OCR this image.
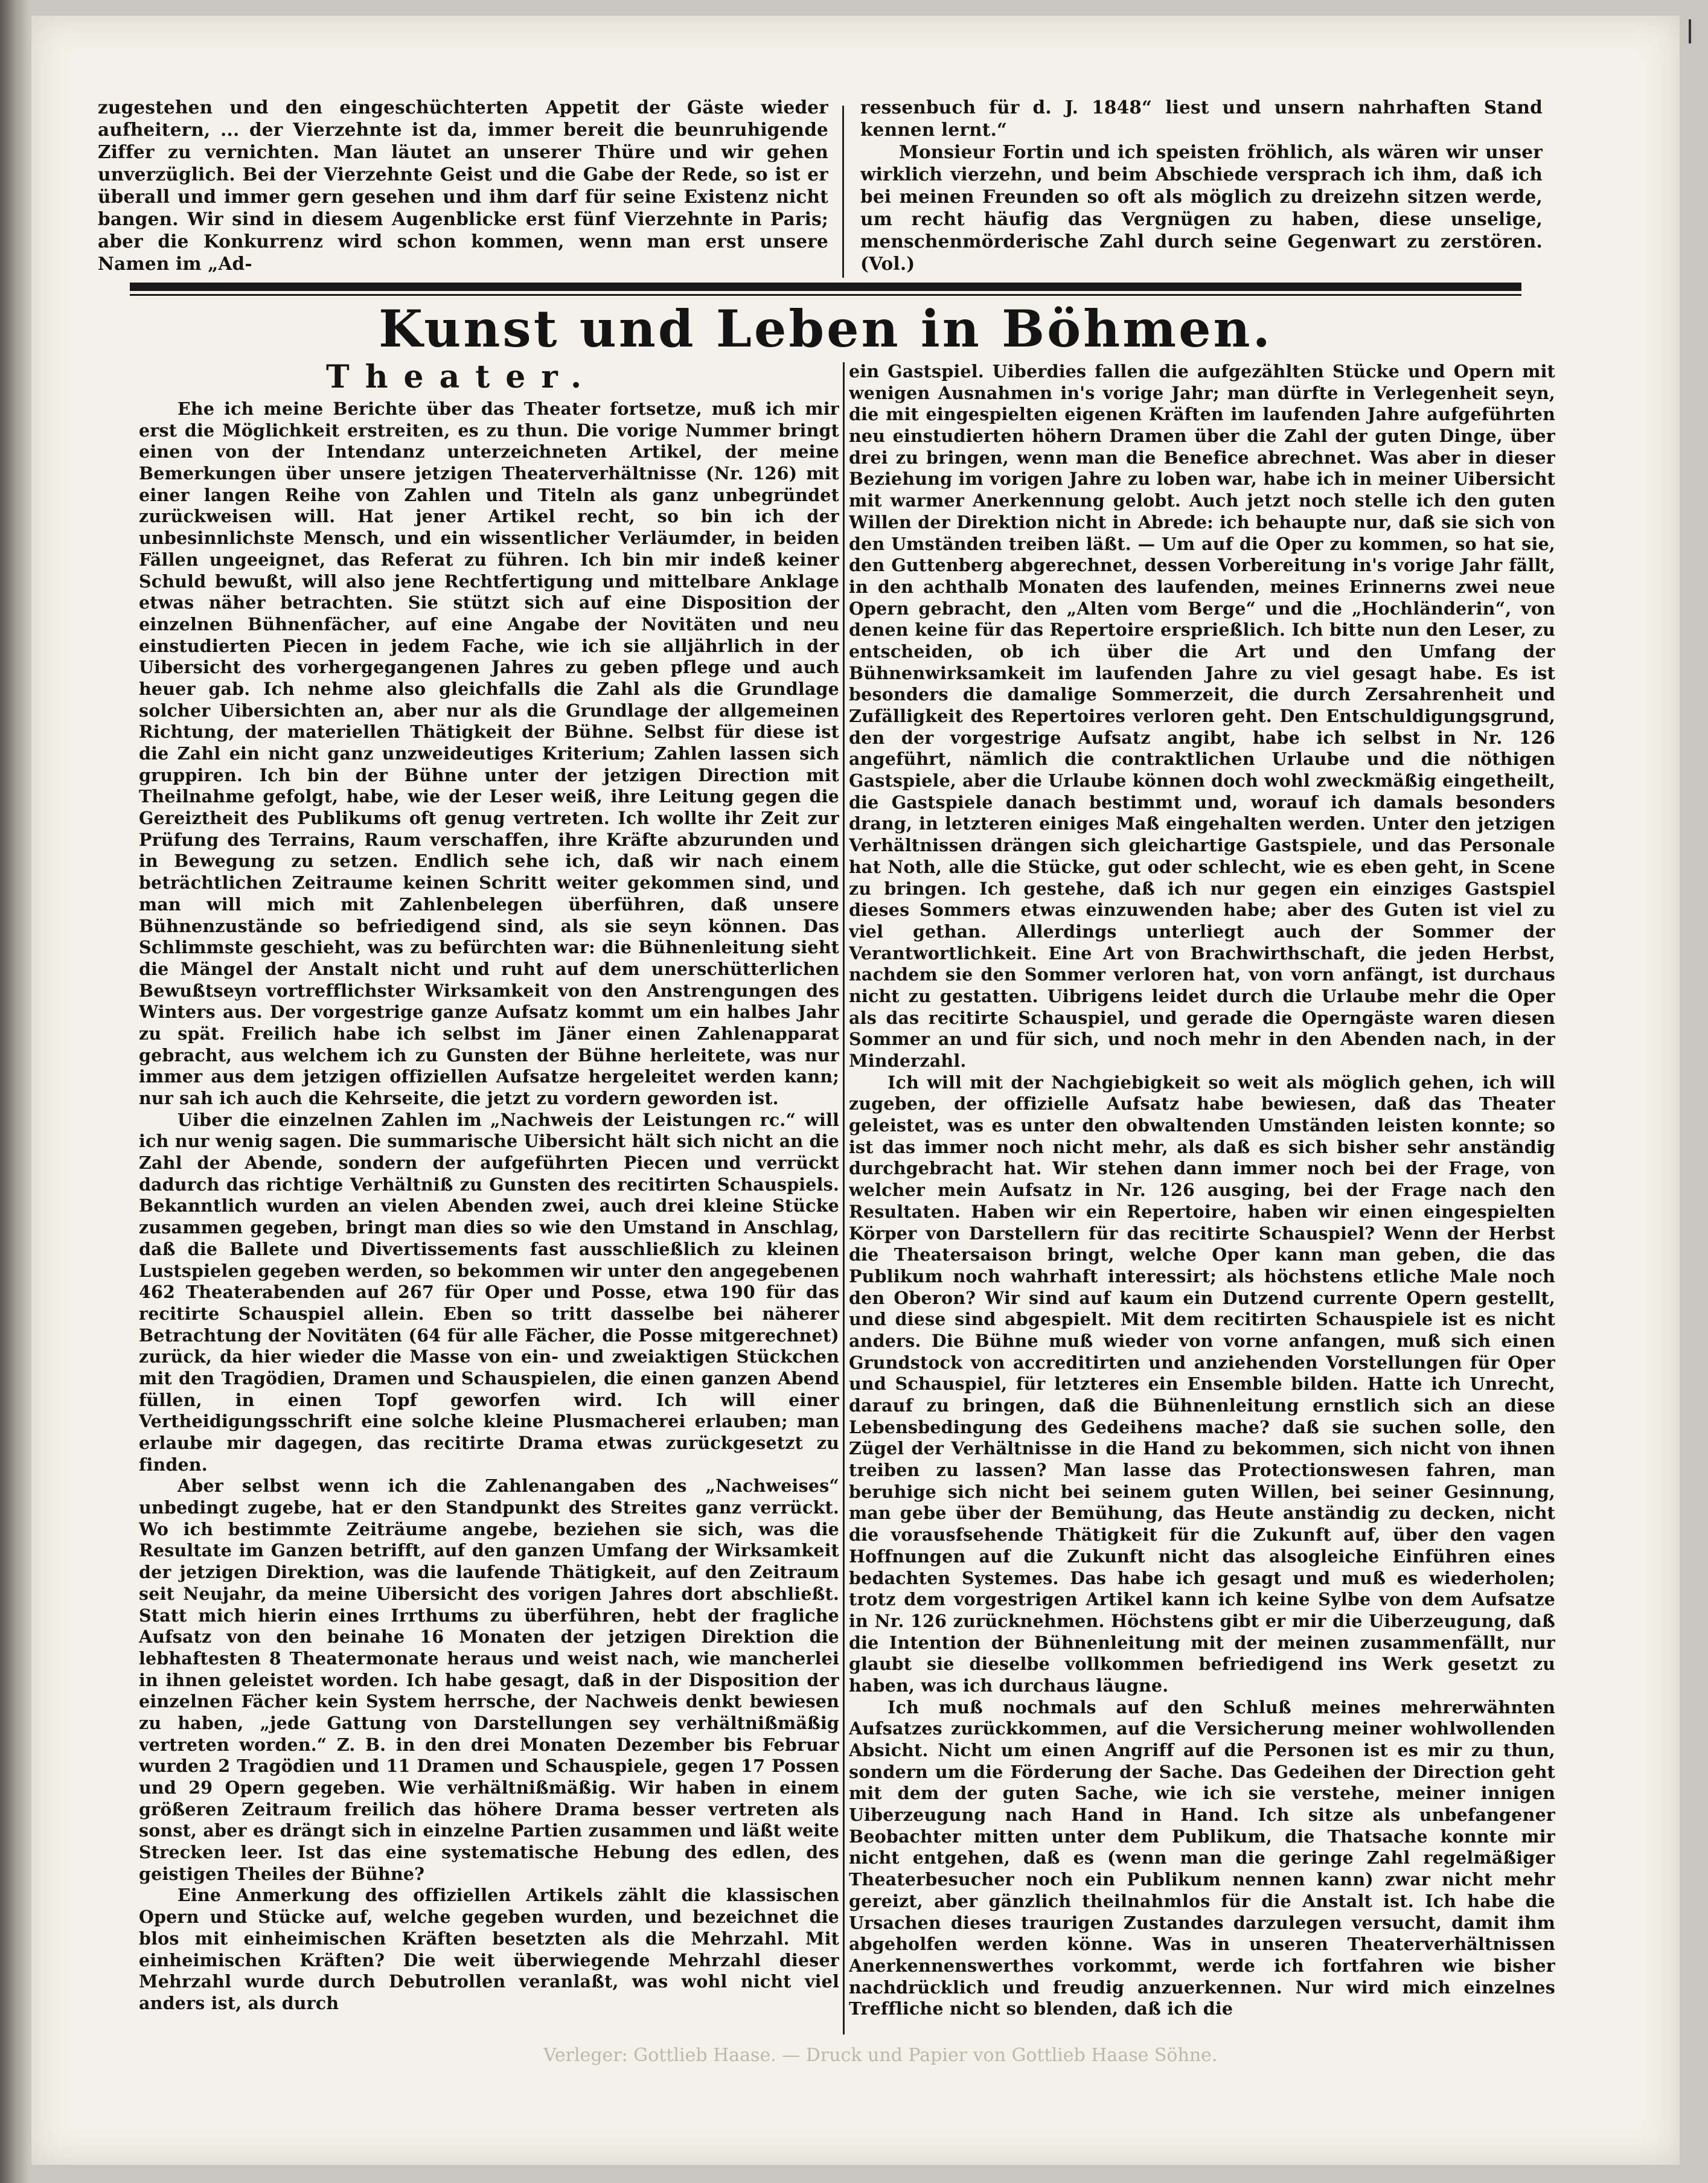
zugestehen und den eingeschüchterten Appetit der Gäste wieder aufheitern, ... der Vierzehnte ist da, immer bereit die beunruhigende Ziffer zu vernichten. Man läutet an unserer Thüre und wir gehen unverzüglich. Bei der Vierzehnte Geist und die Gabe der Rede, so ist er überall und immer gern gesehen und ihm darf für seine Existenz nicht bangen. Wir sind in diesem Augenblicke erst fünf Vierzehnte in Paris; aber die Konkurrenz wird schon kommen, wenn man erst unsere Namen im „Ad-

ressenbuch für d. J. 1848“ liest und unsern nahrhaften Stand kennen lernt.“

Monsieur Fortin und ich speisten fröhlich, als wären wir unser wirklich vierzehn, und beim Abschiede versprach ich ihm, daß ich bei meinen Freunden so oft als möglich zu dreizehn sitzen werde, um recht häufig das Vergnügen zu haben, diese unselige, menschenmörderische Zahl durch seine Gegenwart zu zerstören. (Vol.)

Kunst und Leben in Böhmen.
Theater.

Ehe ich meine Berichte über das Theater fortsetze, muß ich mir erst die Möglichkeit erstreiten, es zu thun. Die vorige Nummer bringt einen von der Intendanz unterzeichneten Artikel, der meine Bemerkungen über unsere jetzigen Theaterverhältnisse (Nr. 126) mit einer langen Reihe von Zahlen und Titeln als ganz unbegründet zurückweisen will. Hat jener Artikel recht, so bin ich der unbesinnlichste Mensch, und ein wissentlicher Verläumder, in beiden Fällen ungeeignet, das Referat zu führen. Ich bin mir indeß keiner Schuld bewußt, will also jene Rechtfertigung und mittelbare Anklage etwas näher betrachten. Sie stützt sich auf eine Disposition der einzelnen Bühnenfächer, auf eine Angabe der Novitäten und neu einstudierten Piecen in jedem Fache, wie ich sie alljährlich in der Uibersicht des vorhergegangenen Jahres zu geben pflege und auch heuer gab. Ich nehme also gleichfalls die Zahl als die Grundlage solcher Uibersichten an, aber nur als die Grundlage der allgemeinen Richtung, der materiellen Thätigkeit der Bühne. Selbst für diese ist die Zahl ein nicht ganz unzweideutiges Kriterium; Zahlen lassen sich gruppiren. Ich bin der Bühne unter der jetzigen Direction mit Theilnahme gefolgt, habe, wie der Leser weiß, ihre Leitung gegen die Gereiztheit des Publikums oft genug vertreten. Ich wollte ihr Zeit zur Prüfung des Terrains, Raum verschaffen, ihre Kräfte abzurunden und in Bewegung zu setzen. Endlich sehe ich, daß wir nach einem beträchtlichen Zeitraume keinen Schritt weiter gekommen sind, und man will mich mit Zahlenbelegen überführen, daß unsere Bühnenzustände so befriedigend sind, als sie seyn können. Das Schlimmste geschieht, was zu befürchten war: die Bühnenleitung sieht die Mängel der Anstalt nicht und ruht auf dem unerschütterlichen Bewußtseyn vortrefflichster Wirksamkeit von den Anstrengungen des Winters aus. Der vorgestrige ganze Aufsatz kommt um ein halbes Jahr zu spät. Freilich habe ich selbst im Jäner einen Zahlenapparat gebracht, aus welchem ich zu Gunsten der Bühne herleitete, was nur immer aus dem jetzigen offiziellen Aufsatze hergeleitet werden kann; nur sah ich auch die Kehrseite, die jetzt zu vordern geworden ist.

Uiber die einzelnen Zahlen im „Nachweis der Leistungen rc.“ will ich nur wenig sagen. Die summarische Uibersicht hält sich nicht an die Zahl der Abende, sondern der aufgeführten Piecen und verrückt dadurch das richtige Verhältniß zu Gunsten des recitirten Schauspiels. Bekanntlich wurden an vielen Abenden zwei, auch drei kleine Stücke zusammen gegeben, bringt man dies so wie den Umstand in Anschlag, daß die Ballete und Divertissements fast ausschließlich zu kleinen Lustspielen gegeben werden, so bekommen wir unter den angegebenen 462 Theaterabenden auf 267 für Oper und Posse, etwa 190 für das recitirte Schauspiel allein. Eben so tritt dasselbe bei näherer Betrachtung der Novitäten (64 für alle Fächer, die Posse mitgerechnet) zurück, da hier wieder die Masse von ein- und zweiaktigen Stückchen mit den Tragödien, Dramen und Schauspielen, die einen ganzen Abend füllen, in einen Topf geworfen wird. Ich will einer Vertheidigungsschrift eine solche kleine Plusmacherei erlauben; man erlaube mir dagegen, das recitirte Drama etwas zurückgesetzt zu finden.

Aber selbst wenn ich die Zahlenangaben des „Nachweises“ unbedingt zugebe, hat er den Standpunkt des Streites ganz verrückt. Wo ich bestimmte Zeiträume angebe, beziehen sie sich, was die Resultate im Ganzen betrifft, auf den ganzen Umfang der Wirksamkeit der jetzigen Direktion, was die laufende Thätigkeit, auf den Zeitraum seit Neujahr, da meine Uibersicht des vorigen Jahres dort abschließt. Statt mich hierin eines Irrthums zu überführen, hebt der fragliche Aufsatz von den beinahe 16 Monaten der jetzigen Direktion die lebhaftesten 8 Theatermonate heraus und weist nach, wie mancherlei in ihnen geleistet worden. Ich habe gesagt, daß in der Disposition der einzelnen Fächer kein System herrsche, der Nachweis denkt bewiesen zu haben, „jede Gattung von Darstellungen sey verhältnißmäßig vertreten worden.“ Z. B. in den drei Monaten Dezember bis Februar wurden 2 Tragödien und 11 Dramen und Schauspiele, gegen 17 Possen und 29 Opern gegeben. Wie verhältnißmäßig. Wir haben in einem größeren Zeitraum freilich das höhere Drama besser vertreten als sonst, aber es drängt sich in einzelne Partien zusammen und läßt weite Strecken leer. Ist das eine systematische Hebung des edlen, des geistigen Theiles der Bühne?

Eine Anmerkung des offiziellen Artikels zählt die klassischen Opern und Stücke auf, welche gegeben wurden, und bezeichnet die blos mit einheimischen Kräften besetzten als die Mehrzahl. Mit einheimischen Kräften? Die weit überwiegende Mehrzahl dieser Mehrzahl wurde durch Debutrollen veranlaßt, was wohl nicht viel anders ist, als durch

ein Gastspiel. Uiberdies fallen die aufgezählten Stücke und Opern mit wenigen Ausnahmen in's vorige Jahr; man dürfte in Verlegenheit seyn, die mit eingespielten eigenen Kräften im laufenden Jahre aufgeführten neu einstudierten höhern Dramen über die Zahl der guten Dinge, über drei zu bringen, wenn man die Benefice abrechnet. Was aber in dieser Beziehung im vorigen Jahre zu loben war, habe ich in meiner Uibersicht mit warmer Anerkennung gelobt. Auch jetzt noch stelle ich den guten Willen der Direktion nicht in Abrede: ich behaupte nur, daß sie sich von den Umständen treiben läßt. — Um auf die Oper zu kommen, so hat sie, den Guttenberg abgerechnet, dessen Vorbereitung in's vorige Jahr fällt, in den achthalb Monaten des laufenden, meines Erinnerns zwei neue Opern gebracht, den „Alten vom Berge“ und die „Hochländerin“, von denen keine für das Repertoire ersprießlich. Ich bitte nun den Leser, zu entscheiden, ob ich über die Art und den Umfang der Bühnenwirksamkeit im laufenden Jahre zu viel gesagt habe. Es ist besonders die damalige Sommerzeit, die durch Zersahrenheit und Zufälligkeit des Repertoires verloren geht. Den Entschuldigungsgrund, den der vorgestrige Aufsatz angibt, habe ich selbst in Nr. 126 angeführt, nämlich die contraktlichen Urlaube und die nöthigen Gastspiele, aber die Urlaube können doch wohl zweckmäßig eingetheilt, die Gastspiele danach bestimmt und, worauf ich damals besonders drang, in letzteren einiges Maß eingehalten werden. Unter den jetzigen Verhältnissen drängen sich gleichartige Gastspiele, und das Personale hat Noth, alle die Stücke, gut oder schlecht, wie es eben geht, in Scene zu bringen. Ich gestehe, daß ich nur gegen ein einziges Gastspiel dieses Sommers etwas einzuwenden habe; aber des Guten ist viel zu viel gethan. Allerdings unterliegt auch der Sommer der Verantwortlichkeit. Eine Art von Brachwirthschaft, die jeden Herbst, nachdem sie den Sommer verloren hat, von vorn anfängt, ist durchaus nicht zu gestatten. Uibrigens leidet durch die Urlaube mehr die Oper als das recitirte Schauspiel, und gerade die Operngäste waren diesen Sommer an und für sich, und noch mehr in den Abenden nach, in der Minderzahl.

Ich will mit der Nachgiebigkeit so weit als möglich gehen, ich will zugeben, der offizielle Aufsatz habe bewiesen, daß das Theater geleistet, was es unter den obwaltenden Umständen leisten konnte; so ist das immer noch nicht mehr, als daß es sich bisher sehr anständig durchgebracht hat. Wir stehen dann immer noch bei der Frage, von welcher mein Aufsatz in Nr. 126 ausging, bei der Frage nach den Resultaten. Haben wir ein Repertoire, haben wir einen eingespielten Körper von Darstellern für das recitirte Schauspiel? Wenn der Herbst die Theatersaison bringt, welche Oper kann man geben, die das Publikum noch wahrhaft interessirt; als höchstens etliche Male noch den Oberon? Wir sind auf kaum ein Dutzend currente Opern gestellt, und diese sind abgespielt. Mit dem recitirten Schauspiele ist es nicht anders. Die Bühne muß wieder von vorne anfangen, muß sich einen Grundstock von accreditirten und anziehenden Vorstellungen für Oper und Schauspiel, für letzteres ein Ensemble bilden. Hatte ich Unrecht, darauf zu bringen, daß die Bühnenleitung ernstlich sich an diese Lebensbedingung des Gedeihens mache? daß sie suchen solle, den Zügel der Verhältnisse in die Hand zu bekommen, sich nicht von ihnen treiben zu lassen? Man lasse das Protectionswesen fahren, man beruhige sich nicht bei seinem guten Willen, bei seiner Gesinnung, man gebe über der Bemühung, das Heute anständig zu decken, nicht die vorausfsehende Thätigkeit für die Zukunft auf, über den vagen Hoffnungen auf die Zukunft nicht das alsogleiche Einführen eines bedachten Systemes. Das habe ich gesagt und muß es wiederholen; trotz dem vorgestrigen Artikel kann ich keine Sylbe von dem Aufsatze in Nr. 126 zurücknehmen. Höchstens gibt er mir die Uiberzeugung, daß die Intention der Bühnenleitung mit der meinen zusammenfällt, nur glaubt sie dieselbe vollkommen befriedigend ins Werk gesetzt zu haben, was ich durchaus läugne.

Ich muß nochmals auf den Schluß meines mehrerwähnten Aufsatzes zurückkommen, auf die Versicherung meiner wohlwollenden Absicht. Nicht um einen Angriff auf die Personen ist es mir zu thun, sondern um die Förderung der Sache. Das Gedeihen der Direction geht mit dem der guten Sache, wie ich sie verstehe, meiner innigen Uiberzeugung nach Hand in Hand. Ich sitze als unbefangener Beobachter mitten unter dem Publikum, die Thatsache konnte mir nicht entgehen, daß es (wenn man die geringe Zahl regelmäßiger Theaterbesucher noch ein Publikum nennen kann) zwar nicht mehr gereizt, aber gänzlich theilnahmlos für die Anstalt ist. Ich habe die Ursachen dieses traurigen Zustandes darzulegen versucht, damit ihm abgeholfen werden könne. Was in unseren Theaterverhältnissen Anerkennenswerthes vorkommt, werde ich fortfahren wie bisher nachdrücklich und freudig anzuerkennen. Nur wird mich einzelnes Treffliche nicht so blenden, daß ich die

Verleger: Gottlieb Haase. — Druck und Papier von Gottlieb Haase Söhne.
